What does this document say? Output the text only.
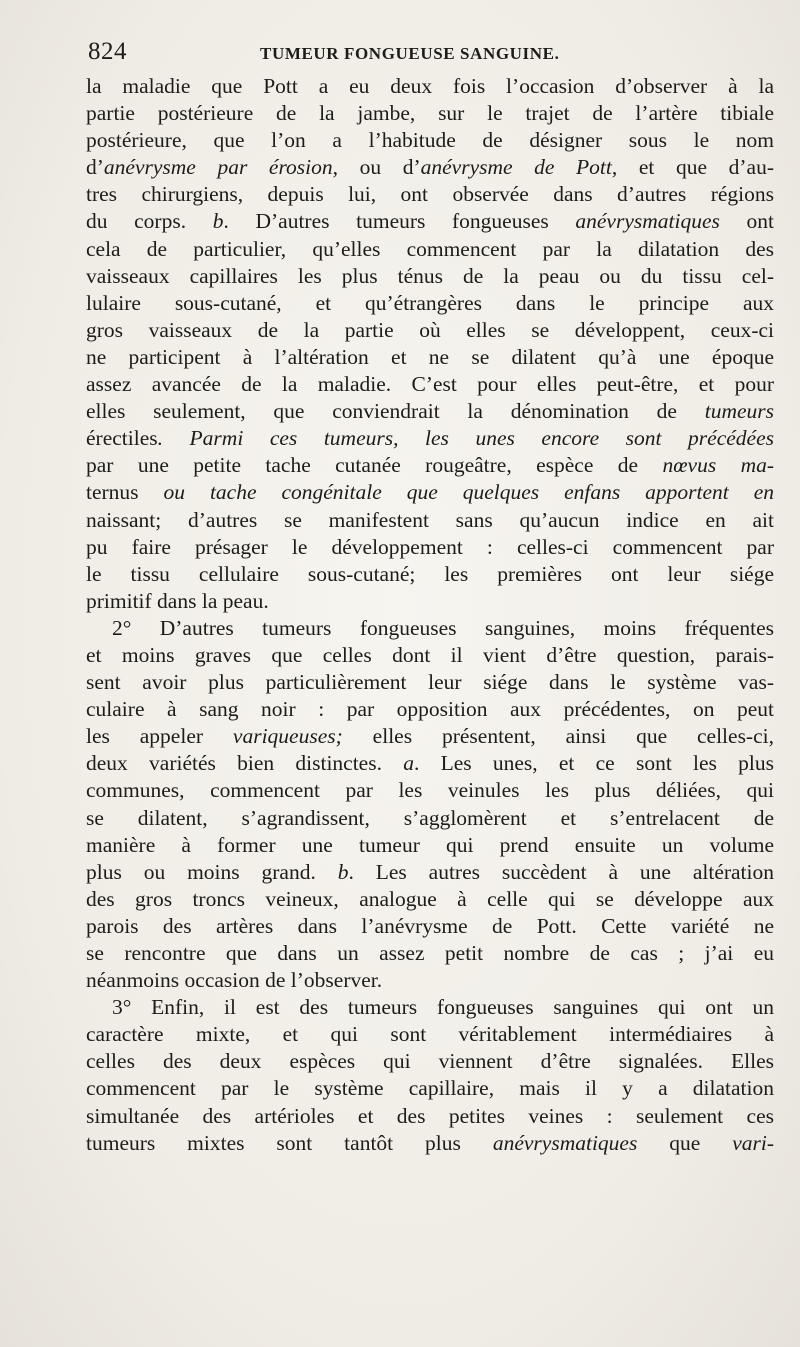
824	TUMEUR FONGUEUSE SANGUINE.
la maladie que Pott a eu deux fois l’occasion d’observer à la
partie postérieure de la jambe, sur le trajet de l’artère tibiale
postérieure, que l’on a l’habitude de désigner sous le nom
d’anévrysme par érosion, ou d’anévrysme de Pott, et que d’au-
tres chirurgiens, depuis lui, ont observée dans d’autres régions
du corps. b. D’autres tumeurs fongueuses anévrysmatiques ont
cela de particulier, qu’elles commencent par la dilatation des
vaisseaux capillaires les plus ténus de la peau ou du tissu cel-
lulaire sous-cutané, et qu’étrangères dans le principe aux
gros vaisseaux de la partie où elles se développent, ceux-ci
ne participent à l’altération et ne se dilatent qu’à une époque
assez avancée de la maladie. C’est pour elles peut-être, et pour
elles seulement, que conviendrait la dénomination de tumeurs
érectiles. Parmi ces tumeurs, les unes encore sont précédées
par une petite tache cutanée rougeâtre, espèce de nœvus ma-
ternus ou tache congénitale que quelques enfans apportent en
naissant; d’autres se manifestent sans qu’aucun indice en ait
pu faire présager le développement : celles-ci commencent par
le tissu cellulaire sous-cutané; les premières ont leur siége
primitif dans la peau.
2° D’autres tumeurs fongueuses sanguines, moins fréquentes
et moins graves que celles dont il vient d’être question, parais-
sent avoir plus particulièrement leur siége dans le système vas-
culaire à sang noir : par opposition aux précédentes, on peut
les appeler variqueuses; elles présentent, ainsi que celles-ci,
deux variétés bien distinctes. a. Les unes, et ce sont les plus
communes, commencent par les veinules les plus déliées, qui
se dilatent, s’agrandissent, s’agglomèrent et s’entrelacent de
manière à former une tumeur qui prend ensuite un volume
plus ou moins grand. b. Les autres succèdent à une altération
des gros troncs veineux, analogue à celle qui se développe aux
parois des artères dans l’anévrysme de Pott. Cette variété ne
se rencontre que dans un assez petit nombre de cas ; j’ai eu
néanmoins occasion de l’observer.
3° Enfin, il est des tumeurs fongueuses sanguines qui ont un
caractère mixte, et qui sont véritablement intermédiaires à
celles des deux espèces qui viennent d’être signalées. Elles
commencent par le système capillaire, mais il y a dilatation
simultanée des artérioles et des petites veines : seulement ces
tumeurs mixtes sont tantôt plus anévrysmatiques que vari-
